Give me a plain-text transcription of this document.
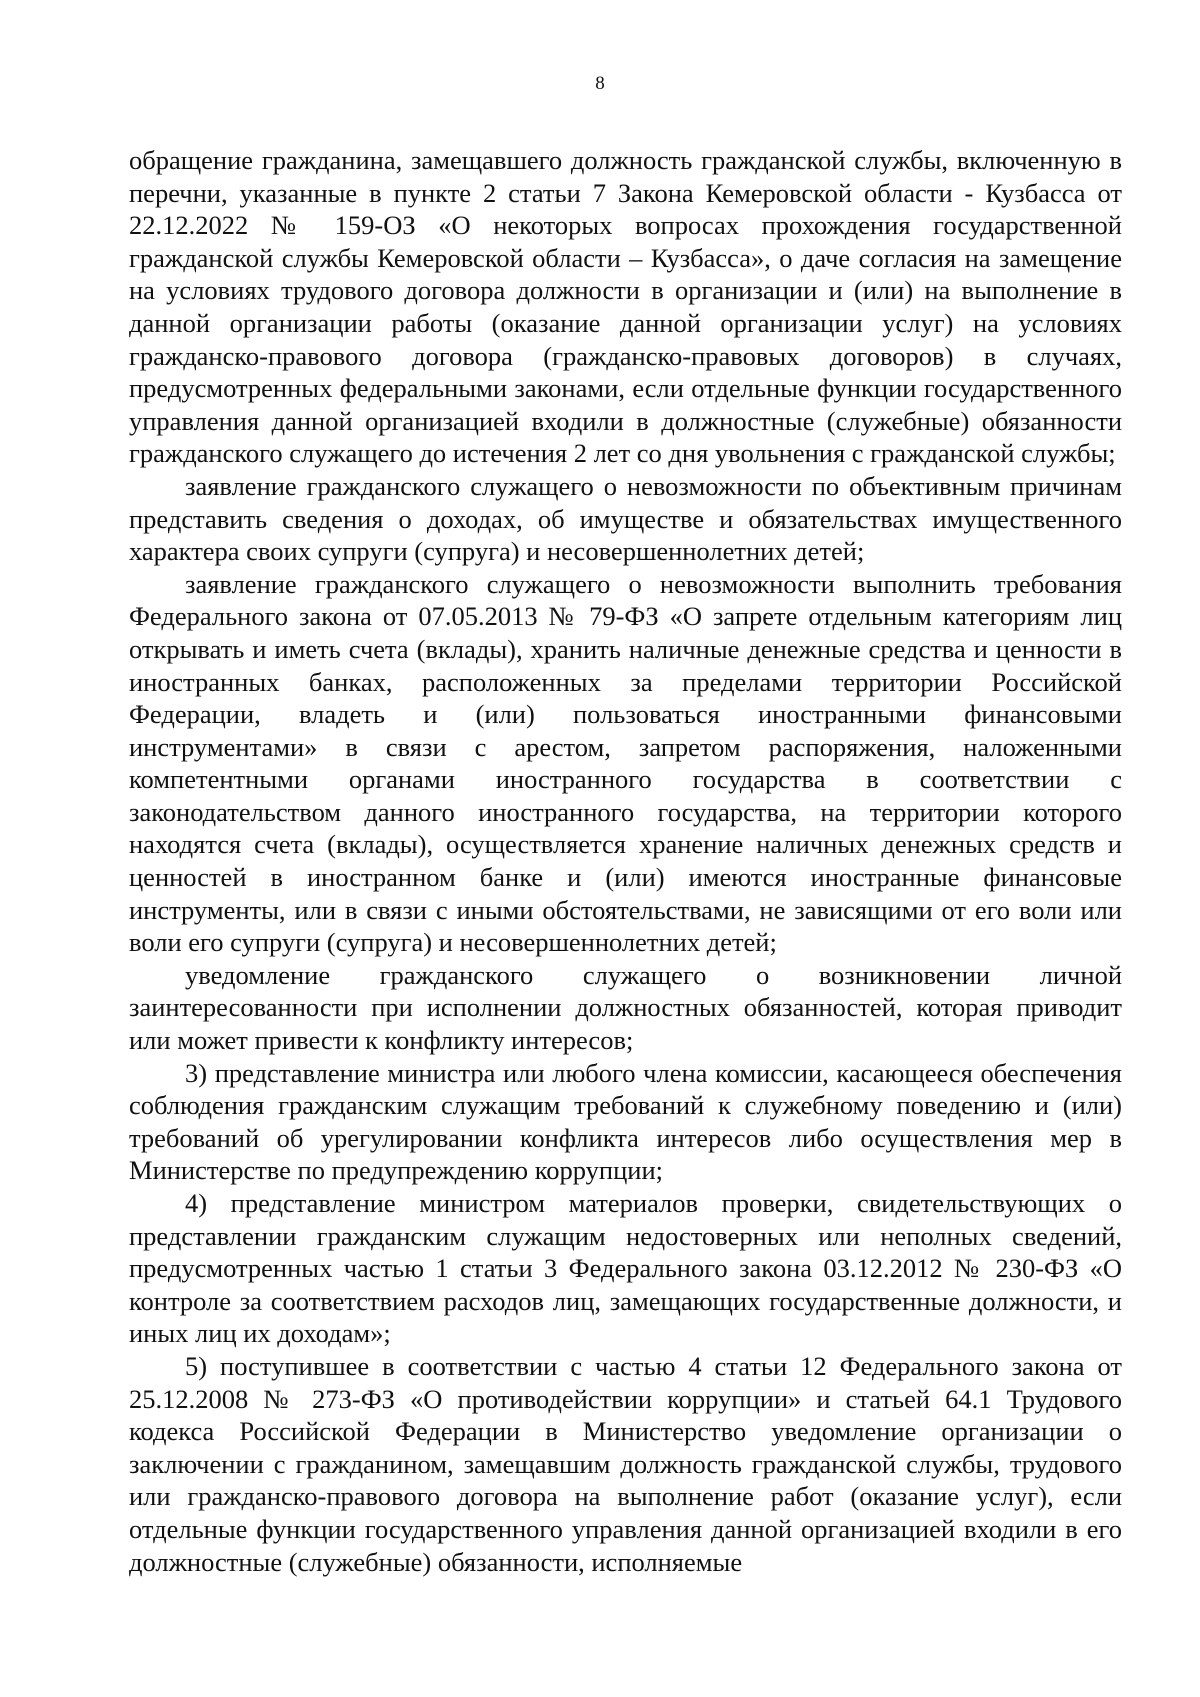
8

обращение гражданина, замещавшего должность гражданской службы, включенную в перечни, указанные в пункте 2 статьи 7 Закона Кемеровской области - Кузбасса от 22.12.2022 № 159-ОЗ «О некоторых вопросах прохождения государственной гражданской службы Кемеровской области – Кузбасса», о даче согласия на замещение на условиях трудового договора должности в организации и (или) на выполнение в данной организации работы (оказание данной организации услуг) на условиях гражданско-правового договора (гражданско-правовых договоров) в случаях, предусмотренных федеральными законами, если отдельные функции государственного управления данной организацией входили в должностные (служебные) обязанности гражданского служащего до истечения 2 лет со дня увольнения с гражданской службы;

заявление гражданского служащего о невозможности по объективным причинам представить сведения о доходах, об имуществе и обязательствах имущественного характера своих супруги (супруга) и несовершеннолетних детей;

заявление гражданского служащего о невозможности выполнить требования Федерального закона от 07.05.2013 № 79-ФЗ «О запрете отдельным категориям лиц открывать и иметь счета (вклады), хранить наличные денежные средства и ценности в иностранных банках, расположенных за пределами территории Российской Федерации, владеть и (или) пользоваться иностранными финансовыми инструментами» в связи с арестом, запретом распоряжения, наложенными компетентными органами иностранного государства в соответствии с законодательством данного иностранного государства, на территории которого находятся счета (вклады), осуществляется хранение наличных денежных средств и ценностей в иностранном банке и (или) имеются иностранные финансовые инструменты, или в связи с иными обстоятельствами, не зависящими от его воли или воли его супруги (супруга) и несовершеннолетних детей;

уведомление гражданского служащего о возникновении личной заинтересованности при исполнении должностных обязанностей, которая приводит или может привести к конфликту интересов;

3) представление министра или любого члена комиссии, касающееся обеспечения соблюдения гражданским служащим требований к служебному поведению и (или) требований об урегулировании конфликта интересов либо осуществления мер в Министерстве по предупреждению коррупции;

4) представление министром материалов проверки, свидетельствующих о представлении гражданским служащим недостоверных или неполных сведений, предусмотренных частью 1 статьи 3 Федерального закона 03.12.2012 № 230-ФЗ «О контроле за соответствием расходов лиц, замещающих государственные должности, и иных лиц их доходам»;

5) поступившее в соответствии с частью 4 статьи 12 Федерального закона от 25.12.2008 № 273-ФЗ «О противодействии коррупции» и статьей 64.1 Трудового кодекса Российской Федерации в Министерство уведомление организации о заключении с гражданином, замещавшим должность гражданской службы, трудового или гражданско-правового договора на выполнение работ (оказание услуг), если отдельные функции государственного управления данной организацией входили в его должностные (служебные) обязанности, исполняемые
